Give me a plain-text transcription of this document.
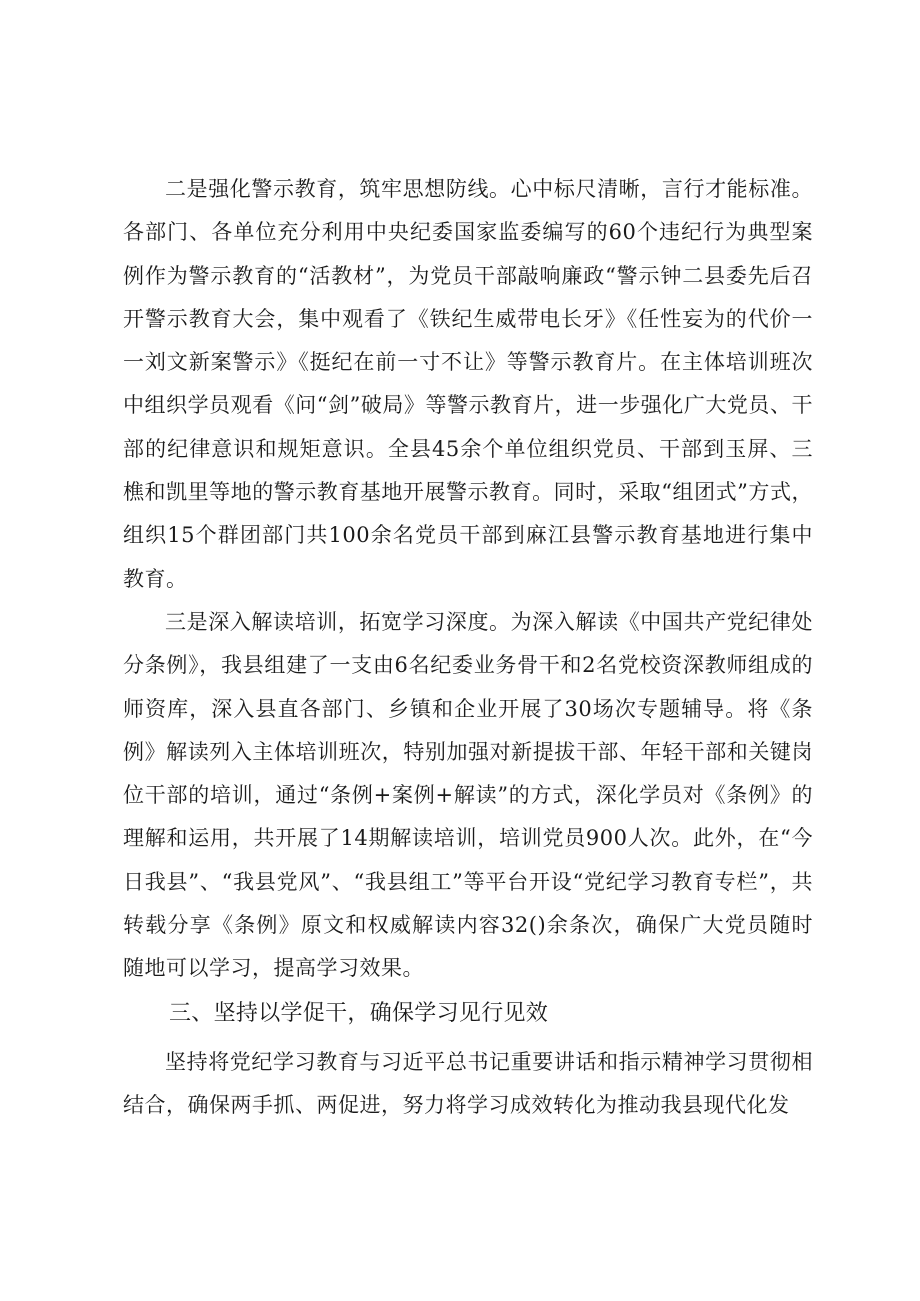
二是强化警示教育，筑牢思想防线。心中标尺清晰，言行才能标准。各部门、各单位充分利用中央纪委国家监委编写的60个违纪行为典型案例作为警示教育的“活教材”，为党员干部敲响廉政“警示钟二县委先后召开警示教育大会，集中观看了《铁纪生威带电长牙》《任性妄为的代价一一刘文新案警示》《挺纪在前一寸不让》等警示教育片。在主体培训班次中组织学员观看《问“剑”破局》等警示教育片，进一步强化广大党员、干部的纪律意识和规矩意识。全县45余个单位组织党员、干部到玉屏、三樵和凯里等地的警示教育基地开展警示教育。同时，采取“组团式”方式，组织15个群团部门共100余名党员干部到麻江县警示教育基地进行集中教育。

三是深入解读培训，拓宽学习深度。为深入解读《中国共产党纪律处分条例》，我县组建了一支由6名纪委业务骨干和2名党校资深教师组成的师资库，深入县直各部门、乡镇和企业开展了30场次专题辅导。将《条例》解读列入主体培训班次，特别加强对新提拔干部、年轻干部和关键岗位干部的培训，通过“条例+案例+解读”的方式，深化学员对《条例》的理解和运用，共开展了14期解读培训，培训党员900人次。此外，在“今日我县”、“我县党风”、“我县组工”等平台开设“党纪学习教育专栏”，共转载分享《条例》原文和权威解读内容32()余条次，确保广大党员随时随地可以学习，提高学习效果。

三、坚持以学促干，确保学习见行见效

坚持将党纪学习教育与习近平总书记重要讲话和指示精神学习贯彻相结合，确保两手抓、两促进，努力将学习成效转化为推动我县现代化发
